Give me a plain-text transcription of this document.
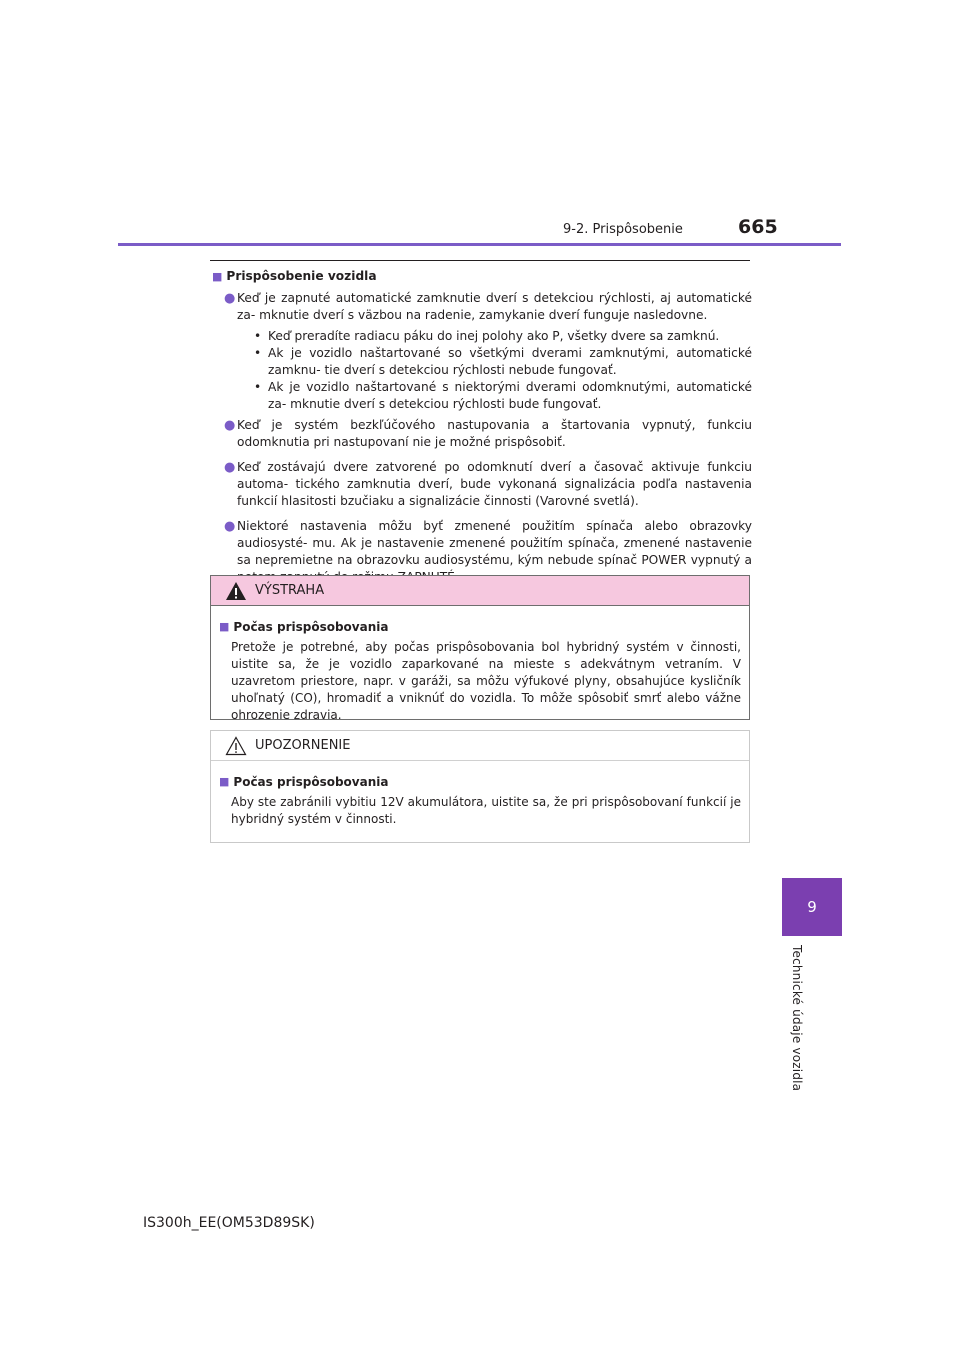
9-2. Prispôsobenie	665
9
Technické údaje vozidla
■ Prispôsobenie vozidla
● Keď je zapnuté automatické zamknutie dverí s detekciou rýchlosti, aj automatické za- mknutie dverí s väzbou na radenie, zamykanie dverí funguje nasledovne.
• Keď preradíte radiacu páku do inej polohy ako P, všetky dvere sa zamknú.
• Ak je vozidlo naštartované so všetkými dverami zamknutými, automatické zamknu- tie dverí s detekciou rýchlosti nebude fungovať.
• Ak je vozidlo naštartované s niektorými dverami odomknutými, automatické za- mknutie dverí s detekciou rýchlosti bude fungovať.
● Keď je systém bezkľúčového nastupovania a štartovania vypnutý, funkciu odomknutia pri nastupovaní nie je možné prispôsobiť.
● Keď zostávajú dvere zatvorené po odomknutí dverí a časovač aktivuje funkciu automa- tického zamknutia dverí, bude vykonaná signalizácia podľa nastavenia funkcií hlasitosti bzučiaku a signalizácie činnosti (Varovné svetlá).
● Niektoré nastavenia môžu byť zmenené použitím spínača alebo obrazovky audiosysté- mu. Ak je nastavenie zmenené použitím spínača, zmenené nastavenie sa nepremietne na obrazovku audiosystému, kým nebude spínač POWER vypnutý a
VÝSTRAHA
■ Počas prispôsobovania
Pretože je potrebné, aby počas prispôsobovania bol hybridný systém v činnosti, uistite sa, že je vozidlo zaparkované na mieste s adekvátnym vetraním. V uzavretom priestore, napr. v garáži, sa môžu výfukové plyny, obsahujúce kysličník uhoľnatý (CO), hromadiť a vniknúť do vozidla. To môže spôsobiť smrť alebo vážne ohrozenie zdravia.
UPOZORNENIE
■ Počas prispôsobovania
Aby ste zabránili vybitiu 12V akumulátora, uistite sa, že pri prispôsobovaní funkcií je hybridný systém v činnosti.
IS300h_EE(OM53D89SK)
